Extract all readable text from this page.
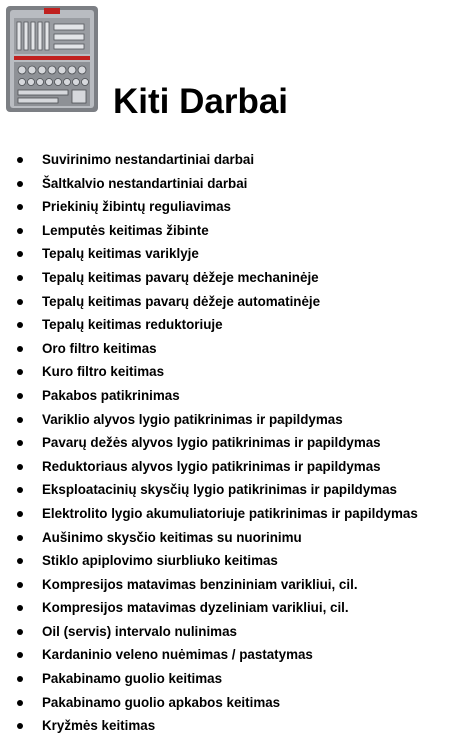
Kiti Darbai
Suvirinimo nestandartiniai darbai
Šaltkalvio nestandartiniai darbai
Priekinių žibintų reguliavimas
Lemputės keitimas žibinte
Tepalų keitimas variklyje
Tepalų keitimas pavarų dėžeje mechaninėje
Tepalų keitimas pavarų dėžeje automatinėje
Tepalų keitimas reduktoriuje
Oro filtro keitimas
Kuro filtro keitimas
Pakabos patikrinimas
Variklio alyvos lygio patikrinimas ir papildymas
Pavarų dežės alyvos lygio patikrinimas ir papildymas
Reduktoriaus alyvos lygio patikrinimas ir papildymas
Eksploatacinių skysčių lygio patikrinimas ir papildymas
Elektrolito lygio akumuliatoriuje patikrinimas ir papildymas
Aušinimo skysčio keitimas su nuorinimu
Stiklo apiplovimo siurbliuko keitimas
Kompresijos matavimas benzininiam varikliui, cil.
Kompresijos matavimas dyzeliniam varikliui, cil.
Oil (servis) intervalo nulinimas
Kardaninio veleno nuėmimas / pastatymas
Pakabinamo guolio keitimas
Pakabinamo guolio apkabos keitimas
Kryžmės keitimas
